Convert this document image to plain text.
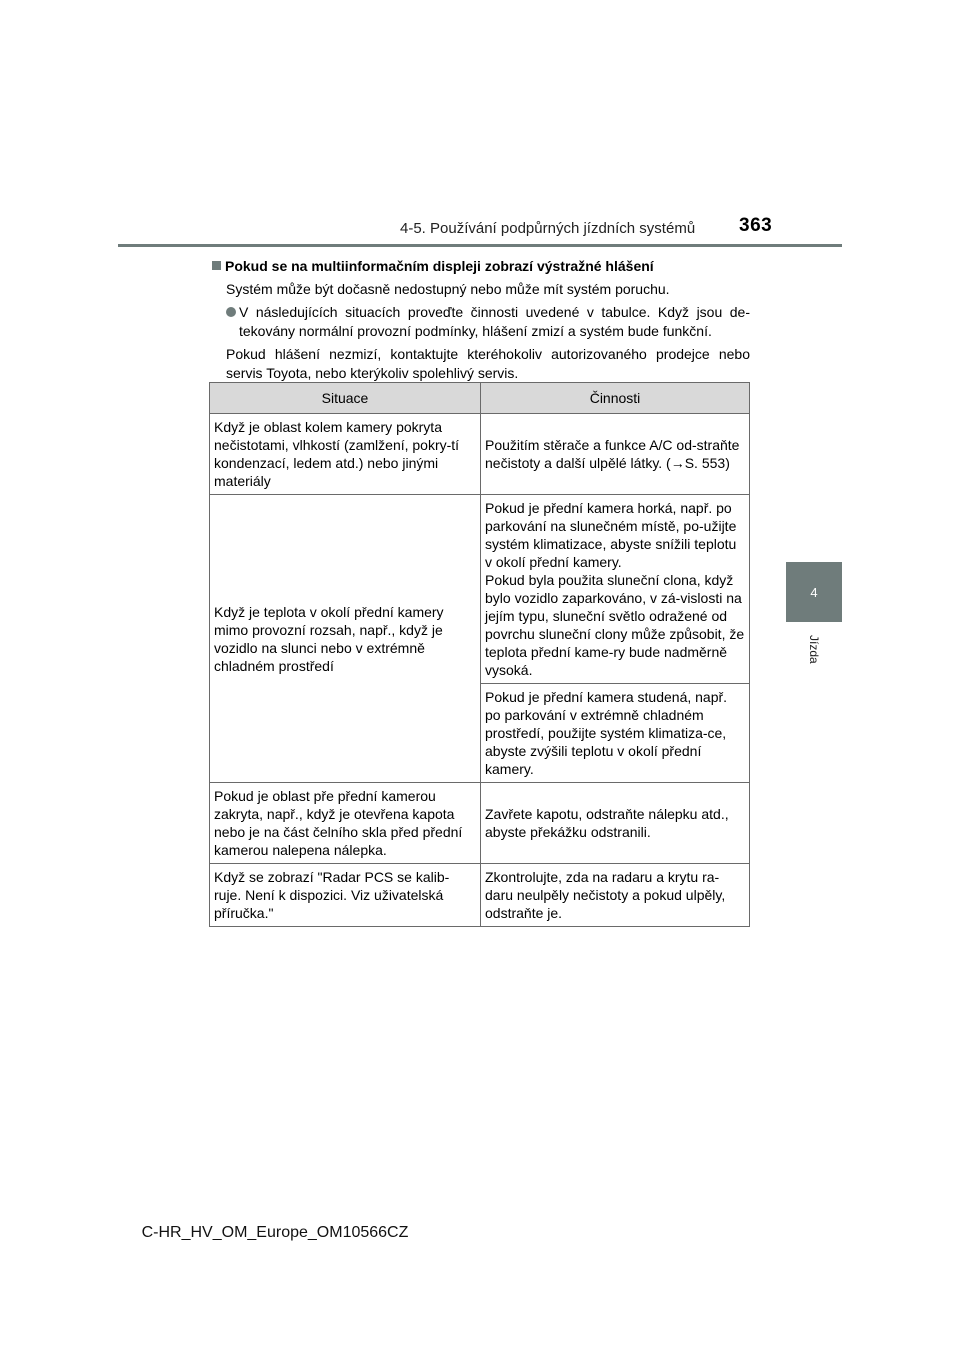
4-5. Používání podpůrných jízdních systémů 363
4
Jízda
Pokud se na multiinformačním displeji zobrazí výstražné hlášení
Systém může být dočasně nedostupný nebo může mít systém poruchu.
V následujících situacích proveďte činnosti uvedené v tabulce. Když jsou de-tekovány normální provozní podmínky, hlášení zmizí a systém bude funkční.
Pokud hlášení nezmizí, kontaktujte kteréhokoliv autorizovaného prodejce nebo servis Toyota, nebo kterýkoliv spolehlivý servis.
Situace	Činnosti
Když je oblast kolem kamery pokryta nečistotami, vlhkostí (zamlžení, pokry-tí kondenzací, ledem atd.) nebo jinými materiály	Použitím stěrače a funkce A/C od-straňte nečistoty a další ulpělé látky. (→S. 553)
Když je teplota v okolí přední kamery mimo provozní rozsah, např., když je vozidlo na slunci nebo v extrémně chladném prostředí	Pokud je přední kamera horká, např. po parkování na slunečném místě, po-užijte systém klimatizace, abyste snížili teplotu v okolí přední kamery.
Pokud byla použita sluneční clona, když bylo vozidlo zaparkováno, v zá-vislosti na jejím typu, sluneční světlo odražené od povrchu sluneční clony může způsobit, že teplota přední kame-ry bude nadměrně vysoká.

	Pokud je přední kamera studená, např. po parkování v extrémně chladném prostředí, použijte systém klimatiza-ce, abyste zvýšili teplotu v okolí přední kamery.
Pokud je oblast pře přední kamerou zakryta, např., když je otevřena kapota nebo je na část čelního skla před přední kamerou nalepena nálepka.	Zavřete kapotu, odstraňte nálepku atd., abyste překážku odstranili.
Když se zobrazí "Radar PCS se kalib-ruje. Není k dispozici. Viz uživatelská příručka."	Zkontrolujte, zda na radaru a krytu ra-daru neulpěly nečistoty a pokud ulpěly, odstraňte je.
C-HR_HV_OM_Europe_OM10566CZ
